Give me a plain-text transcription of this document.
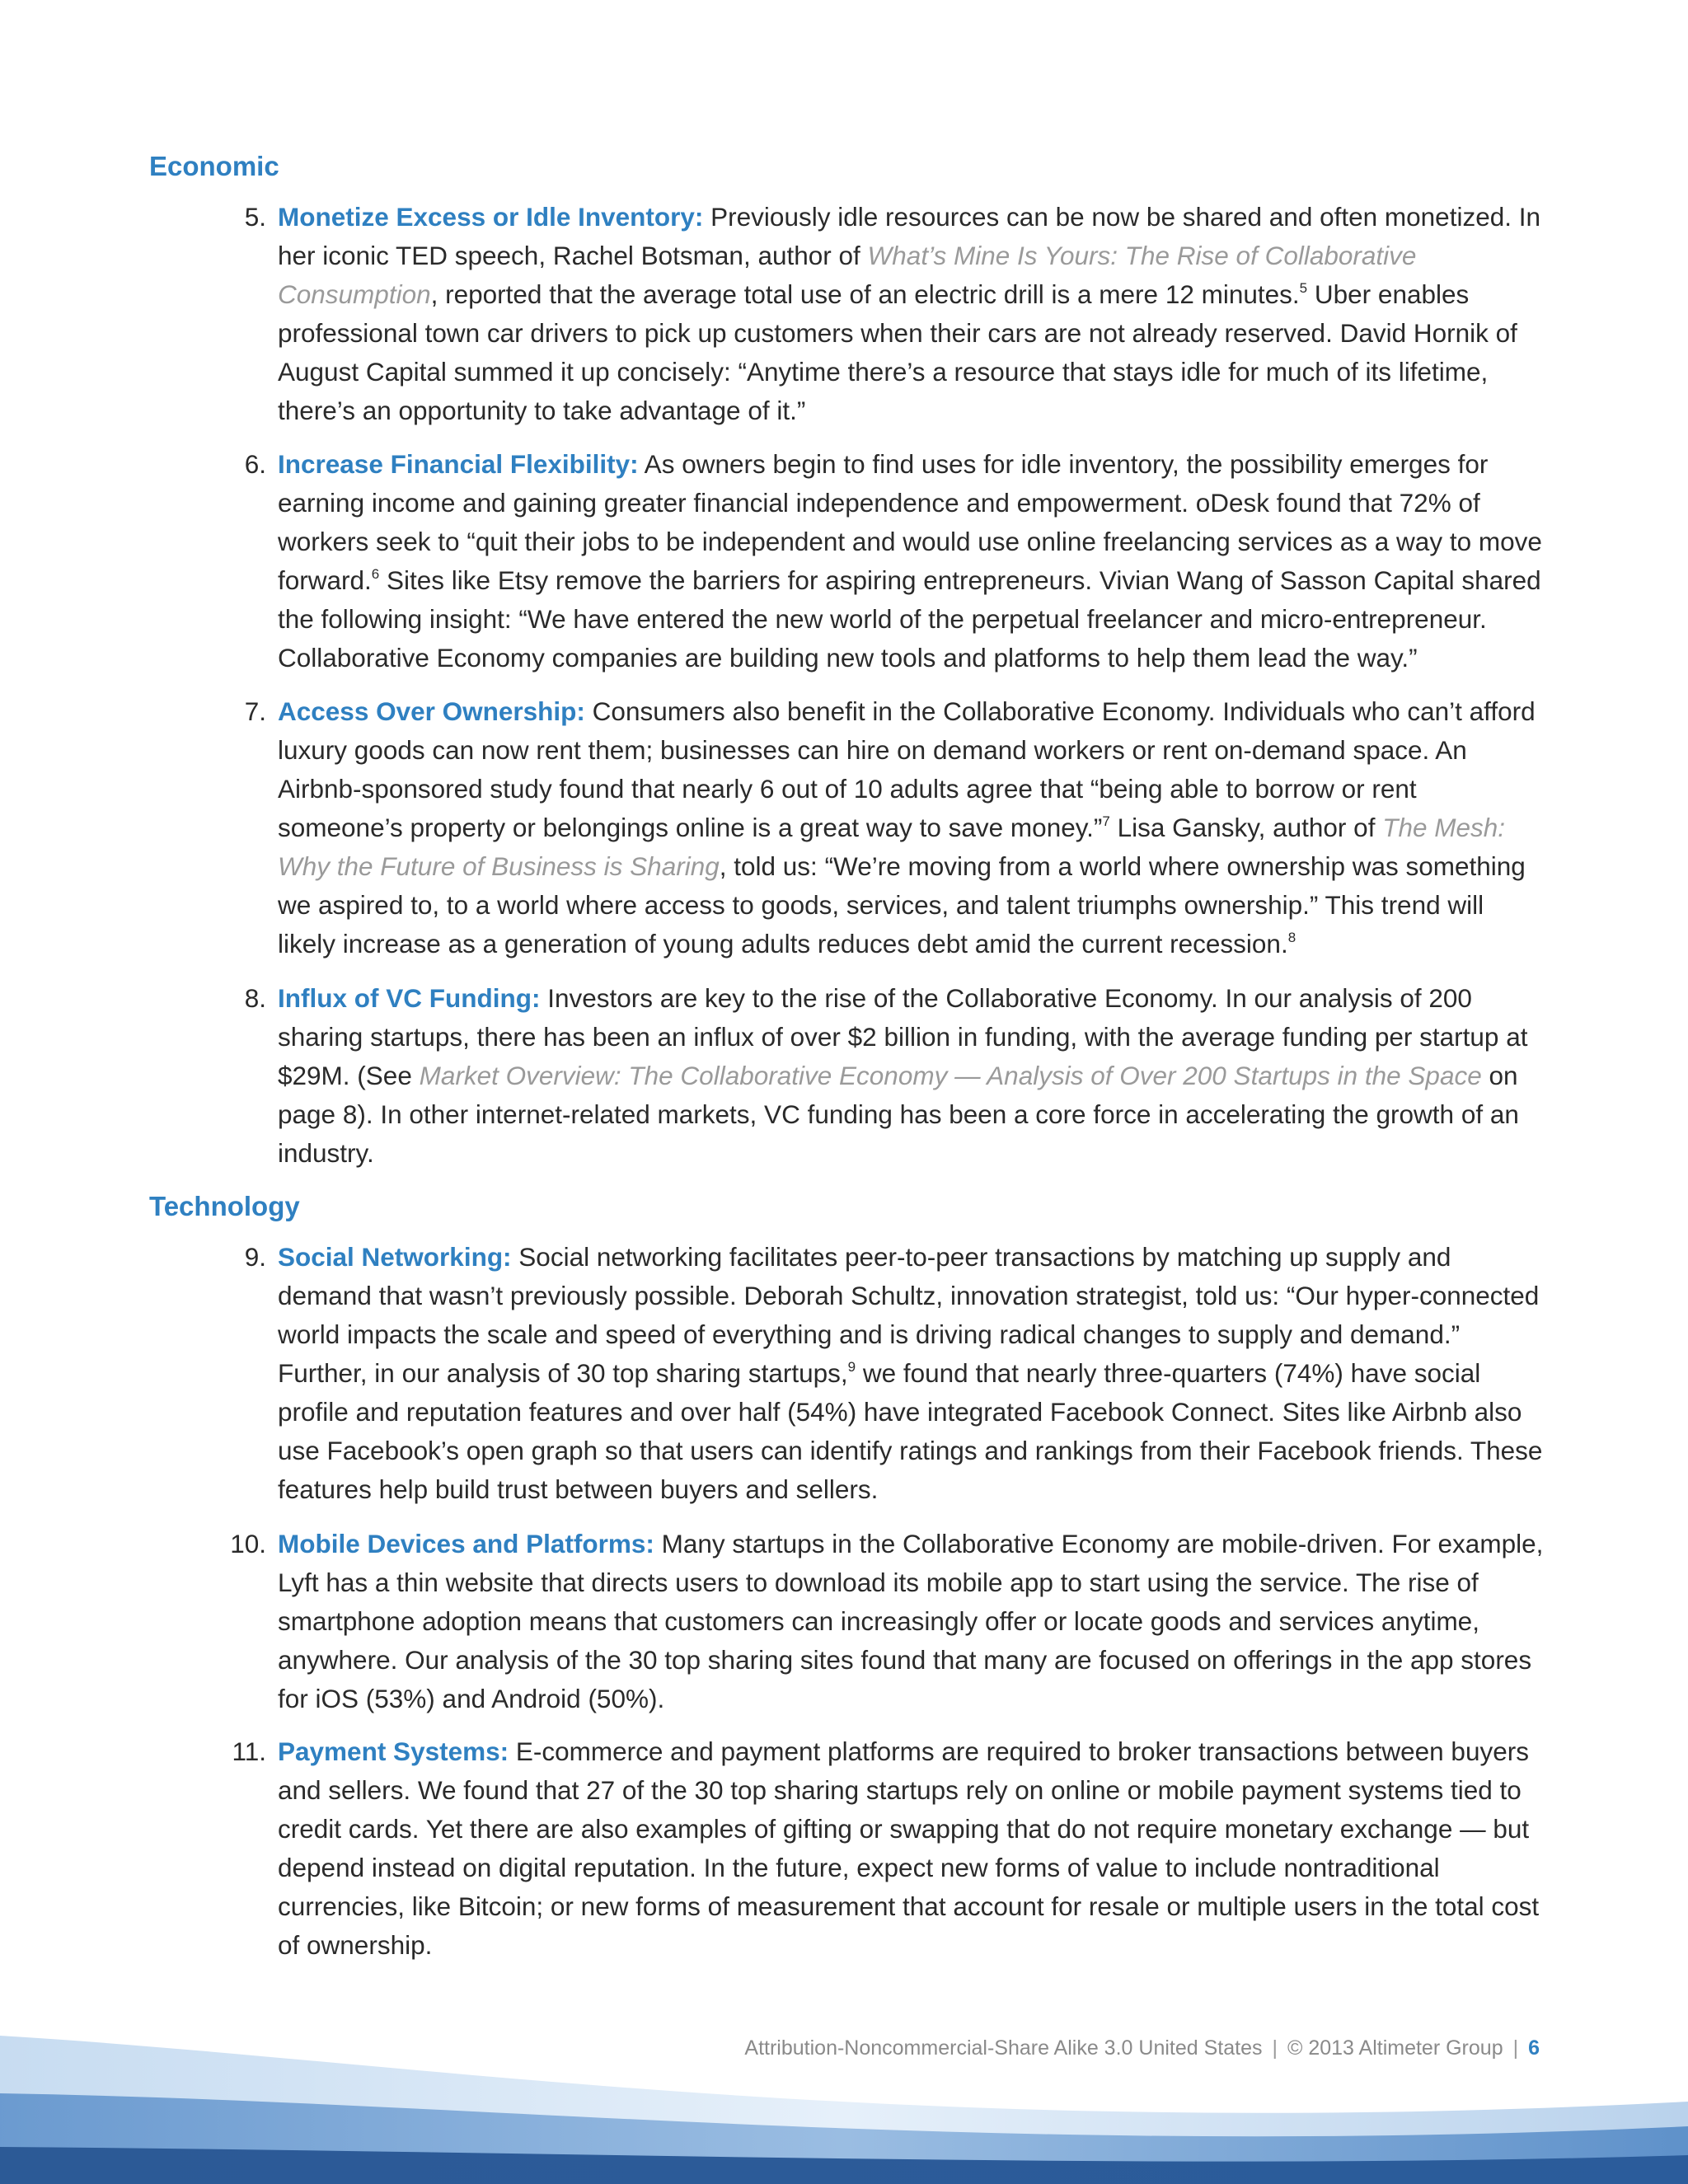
Economic

5. Monetize Excess or Idle Inventory: Previously idle resources can be now be shared and often monetized. In her iconic TED speech, Rachel Botsman, author of What’s Mine Is Yours: The Rise of Collaborative Consumption, reported that the average total use of an electric drill is a mere 12 minutes.$^5$ Uber enables professional town car drivers to pick up customers when their cars are not already reserved. David Hornik of August Capital summed it up concisely: “Anytime there’s a resource that stays idle for much of its lifetime, there’s an opportunity to take advantage of it.”

6. Increase Financial Flexibility: As owners begin to find uses for idle inventory, the possibility emerges for earning income and gaining greater financial independence and empowerment. oDesk found that 72% of workers seek to “quit their jobs to be independent and would use online freelancing services as a way to move forward.$^6$ Sites like Etsy remove the barriers for aspiring entrepreneurs. Vivian Wang of Sasson Capital shared the following insight: “We have entered the new world of the perpetual freelancer and micro-entrepreneur. Collaborative Economy companies are building new tools and platforms to help them lead the way.”

7. Access Over Ownership: Consumers also benefit in the Collaborative Economy. Individuals who can’t afford luxury goods can now rent them; businesses can hire on demand workers or rent on-demand space. An Airbnb-sponsored study found that nearly 6 out of 10 adults agree that “being able to borrow or rent someone’s property or belongings online is a great way to save money.”$^7$ Lisa Gansky, author of The Mesh: Why the Future of Business is Sharing, told us: “We’re moving from a world where ownership was something we aspired to, to a world where access to goods, services, and talent triumphs ownership.” This trend will likely increase as a generation of young adults reduces debt amid the current recession.$^8$

8. Influx of VC Funding: Investors are key to the rise of the Collaborative Economy. In our analysis of 200 sharing startups, there has been an influx of over $2 billion in funding, with the average funding per startup at $29M. (See Market Overview: The Collaborative Economy — Analysis of Over 200 Startups in the Space on page 8). In other internet-related markets, VC funding has been a core force in accelerating the growth of an industry.

Technology

9. Social Networking: Social networking facilitates peer-to-peer transactions by matching up supply and demand that wasn’t previously possible. Deborah Schultz, innovation strategist, told us: “Our hyper-connected world impacts the scale and speed of everything and is driving radical changes to supply and demand.” Further, in our analysis of 30 top sharing startups,$^9$ we found that nearly three-quarters (74%) have social profile and reputation features and over half (54%) have integrated Facebook Connect. Sites like Airbnb also use Facebook’s open graph so that users can identify ratings and rankings from their Facebook friends. These features help build trust between buyers and sellers.

10. Mobile Devices and Platforms: Many startups in the Collaborative Economy are mobile-driven. For example, Lyft has a thin website that directs users to download its mobile app to start using the service. The rise of smartphone adoption means that customers can increasingly offer or locate goods and services anytime, anywhere. Our analysis of the 30 top sharing sites found that many are focused on offerings in the app stores for iOS (53%) and Android (50%).

11. Payment Systems: E-commerce and payment platforms are required to broker transactions between buyers and sellers. We found that 27 of the 30 top sharing startups rely on online or mobile payment systems tied to credit cards. Yet there are also examples of gifting or swapping that do not require monetary exchange — but depend instead on digital reputation. In the future, expect new forms of value to include nontraditional currencies, like Bitcoin; or new forms of measurement that account for resale or multiple users in the total cost of ownership.

Attribution-Noncommercial-Share Alike 3.0 United States | © 2013 Altimeter Group | 6
